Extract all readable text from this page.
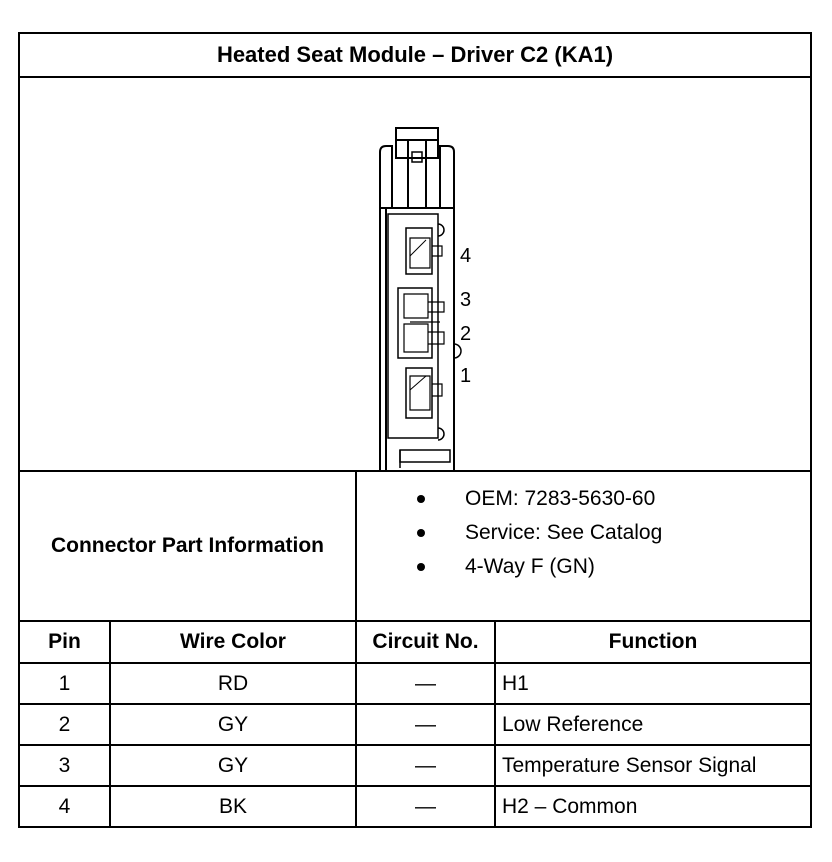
Heated Seat Module – Driver C2 (KA1)
4
3
2
1
Connector Part Information
OEM: 7283-5630-60
Service: See Catalog
4-Way F (GN)
Pin	Wire Color	Circuit No.	Function
1	RD	—	H1
2	GY	—	Low Reference
3	GY	—	Temperature Sensor Signal
4	BK	—	H2 – Common
